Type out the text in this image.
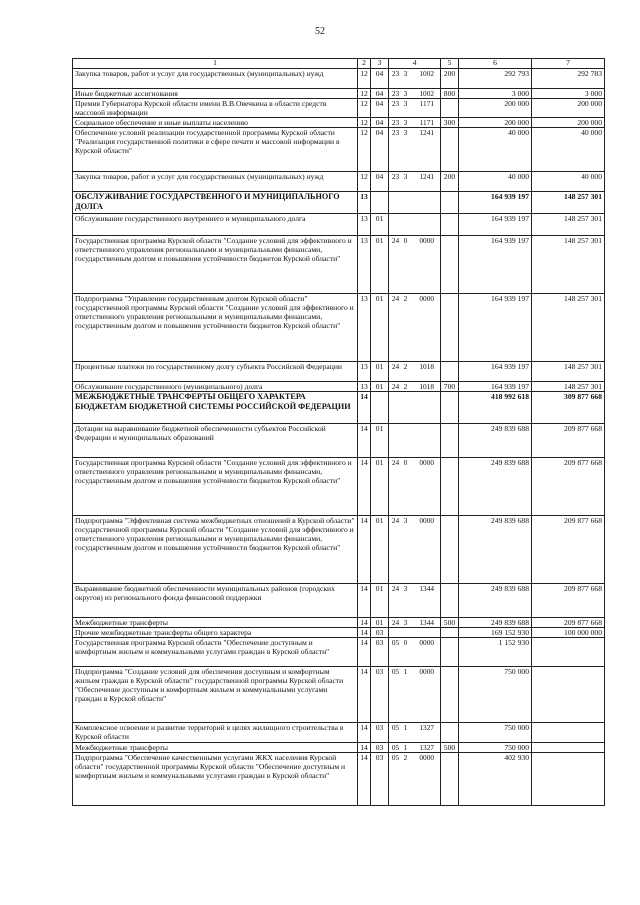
52
1	2	3	4	5	6	7
Закупка товаров, работ и услуг для государственных (муниципальных) нужд	12	04	23 3 1002	200	292 793	292 783
Иные бюджетные ассигнования	12	04	23 3 1002	800	3 000	3 000
Премия Губернатора Курской области имени В.В.Овечкина в области средств массовой информации	12	04	23 3 1171		200 000	200 000
Социальное обеспечение и иные выплаты населению	12	04	23 3 1171	300	200 000	200 000
Обеспечение условий реализации государственной программы Курской области "Реализация государственной политики в сфере печати и массовой информации в Курской области"	12	04	23 3 1241		40 000	40 000
Закупка товаров, работ и услуг для государственных (муниципальных) нужд	12	04	23 3 1241	200	40 000	40 000
ОБСЛУЖИВАНИЕ ГОСУДАРСТВЕННОГО И МУНИЦИПАЛЬНОГО ДОЛГА	13				164 939 197	148 257 301
Обслуживание государственного внутреннего и муниципального долга	13	01			164 939 197	148 257 301
Государственная программа Курской области "Создание условий для эффективного и ответственного управления региональными и муниципальными финансами, государственным долгом и повышения устойчивости бюджетов Курской области"	13	01	24 0 0000		164 939 197	148 257 301
Подпрограмма "Управление государственным долгом Курской области" государственной программы Курской области "Создание условий для эффективного и ответственного управления региональными и муниципальными финансами, государственным долгом и повышения устойчивости бюджетов Курской области"	13	01	24 2 0000		164 939 197	148 257 301
Процентные платежи по государственному долгу субъекта Российской Федерации	13	01	24 2 1018		164 939 197	148 257 301
Обслуживание государственного (муниципального) долга	13	01	24 2 1018	700	164 939 197	148 257 301
МЕЖБЮДЖЕТНЫЕ ТРАНСФЕРТЫ ОБЩЕГО ХАРАКТЕРА БЮДЖЕТАМ БЮДЖЕТНОЙ СИСТЕМЫ РОССИЙСКОЙ ФЕДЕРАЦИИ	14				418 992 618	309 877 668
Дотации на выравнивание бюджетной обеспеченности субъектов Российской Федерации и муниципальных образований	14	01			249 839 688	209 877 668
Государственная программа Курской области "Создание условий для эффективного и ответственного управления региональными и муниципальными финансами, государственным долгом и повышения устойчивости бюджетов Курской области"	14	01	24 0 0000		249 839 688	209 877 668
Подпрограмма "Эффективная система межбюджетных отношений в Курской области" государственной программы Курской области "Создание условий для эффективного и ответственного управления региональными и муниципальными финансами, государственным долгом и повышения устойчивости бюджетов Курской области"	14	01	24 3 0000		249 839 688	209 877 668
Выравнивание бюджетной обеспеченности муниципальных районов (городских округов) из регионального фонда финансовой поддержки	14	01	24 3 1344		249 839 688	209 877 668
Межбюджетные трансферты	14	01	24 3 1344	500	249 839 688	209 877 668
Прочие межбюджетные трансферты общего характера	14	03			169 152 930	100 000 000
Государственная программа Курской области "Обеспечение доступным и комфортным жильем и коммунальными услугами граждан в Курской области"	14	03	05 0 0000		1 152 930	
Подпрограмма "Создание условий для обеспечения доступным и комфортным жильем граждан в Курской области" государственной программы Курской области "Обеспечение доступным и комфортным жильем и коммунальными услугами граждан в Курской области"	14	03	05 1 0000		750 000	
Комплексное освоение и развитие территорий в целях жилищного строительства в Курской области	14	03	05 1 1327		750 000	
Межбюджетные трансферты	14	03	05 1 1327	500	750 000	
Подпрограмма "Обеспечение качественными услугами ЖКХ населения Курской области" государственной программы Курской области "Обеспечение доступным и комфортным жильем и коммунальными услугами граждан в Курской области"	14	03	05 2 0000		402 930	
